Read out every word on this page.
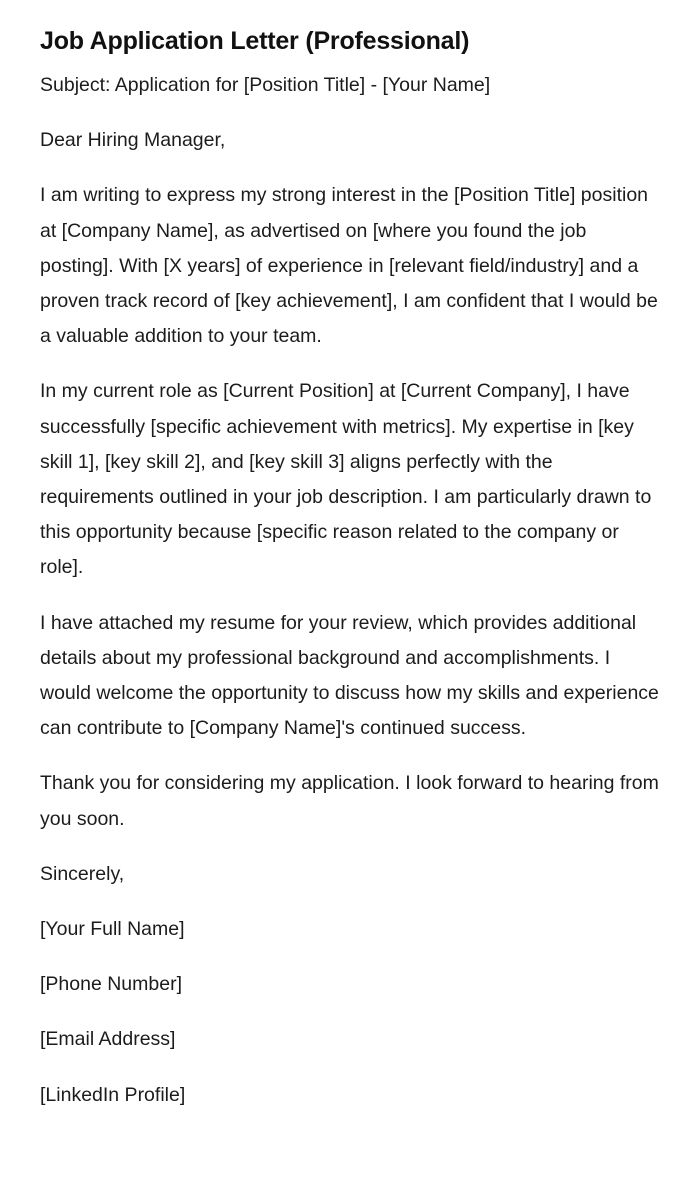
Job Application Letter (Professional)

Subject: Application for [Position Title] - [Your Name]

Dear Hiring Manager,

I am writing to express my strong interest in the [Position Title] position at [Company Name], as advertised on [where you found the job posting]. With [X years] of experience in [relevant field/industry] and a proven track record of [key achievement], I am confident that I would be a valuable addition to your team.

In my current role as [Current Position] at [Current Company], I have successfully [specific achievement with metrics]. My expertise in [key skill 1], [key skill 2], and [key skill 3] aligns perfectly with the requirements outlined in your job description. I am particularly drawn to this opportunity because [specific reason related to the company or role].

I have attached my resume for your review, which provides additional details about my professional background and accomplishments. I would welcome the opportunity to discuss how my skills and experience can contribute to [Company Name]'s continued success.

Thank you for considering my application. I look forward to hearing from you soon.

Sincerely,

[Your Full Name]

[Phone Number]

[Email Address]

[LinkedIn Profile]
